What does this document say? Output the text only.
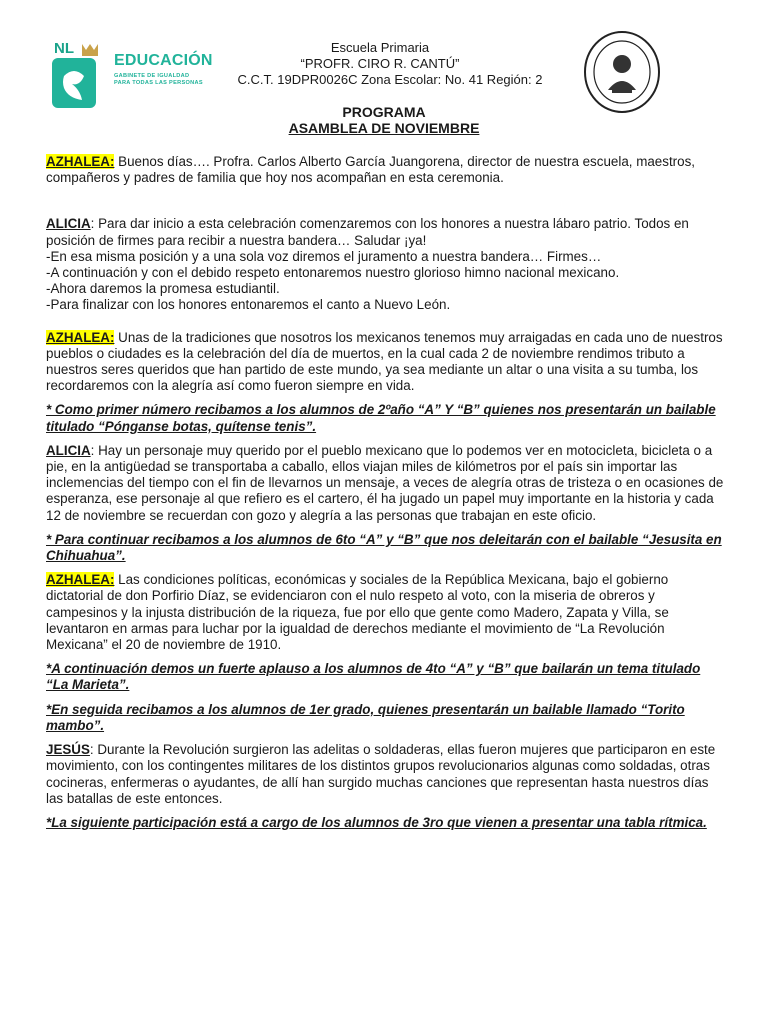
NL
EDUCACIÓN
GABINETE DE IGUALDAD
PARA TODAS LAS PERSONAS
Escuela Primaria
“PROFR. CIRO R. CANTÚ”
C.C.T. 19DPR0026C Zona Escolar: No. 41 Región: 2
PROGRAMA
ASAMBLEA DE NOVIEMBRE

AZHALEA: Buenos días…. Profra. Carlos Alberto García Juangorena, director de nuestra escuela, maestros, compañeros y padres de familia que hoy nos acompañan en esta ceremonia.

ALICIA: Para dar inicio a esta celebración comenzaremos con los honores a nuestra lábaro patrio. Todos en posición de firmes para recibir a nuestra bandera… Saludar ¡ya!
-En esa misma posición y a una sola voz diremos el juramento a nuestra bandera… Firmes…
-A continuación y con el debido respeto entonaremos nuestro glorioso himno nacional mexicano.
-Ahora daremos la promesa estudiantil.
-Para finalizar con los honores entonaremos el canto a Nuevo León.

AZHALEA: Unas de la tradiciones que nosotros los mexicanos tenemos muy arraigadas en cada uno de nuestros pueblos o ciudades es la celebración del día de muertos, en la cual cada 2 de noviembre rendimos tributo a nuestros seres queridos que han partido de este mundo, ya sea mediante un altar o una visita a su tumba, los recordaremos con la alegría así como fueron siempre en vida.

* Como primer número recibamos a los alumnos de 2ºaño “A” Y “B” quienes nos presentarán un bailable titulado “Pónganse botas, quítense tenis”.

ALICIA: Hay un personaje muy querido por el pueblo mexicano que lo podemos ver en motocicleta, bicicleta o a pie, en la antigüedad se transportaba a caballo, ellos viajan miles de kilómetros por el país sin importar las inclemencias del tiempo con el fin de llevarnos un mensaje, a veces de alegría otras de tristeza o en ocasiones de esperanza, ese personaje al que refiero es el cartero, él ha jugado un papel muy importante en la historia y cada 12 de noviembre se recuerdan con gozo y alegría a las personas que trabajan en este oficio.

* Para continuar recibamos a los alumnos de 6to “A” y “B” que nos deleitarán con el bailable “Jesusita en Chihuahua”.

AZHALEA: Las condiciones políticas, económicas y sociales de la República Mexicana, bajo el gobierno dictatorial de don Porfirio Díaz, se evidenciaron con el nulo respeto al voto, con la miseria de obreros y campesinos y la injusta distribución de la riqueza, fue por ello que gente como Madero, Zapata y Villa, se levantaron en armas para luchar por la igualdad de derechos mediante el movimiento de “La Revolución Mexicana” el 20 de noviembre de 1910.

*A continuación demos un fuerte aplauso a los alumnos de 4to “A” y “B” que bailarán un tema titulado “La Marieta”.

*En seguida recibamos a los alumnos de 1er grado, quienes presentarán un bailable llamado “Torito mambo”.

JESÚS: Durante la Revolución surgieron las adelitas o soldaderas, ellas fueron mujeres que participaron en este movimiento, con los contingentes militares de los distintos grupos revolucionarios algunas como soldadas, otras cocineras, enfermeras o ayudantes, de allí han surgido muchas canciones que representan hasta nuestros días las batallas de este entonces.

*La siguiente participación está a cargo de los alumnos de 3ro que vienen a presentar una tabla rítmica.
